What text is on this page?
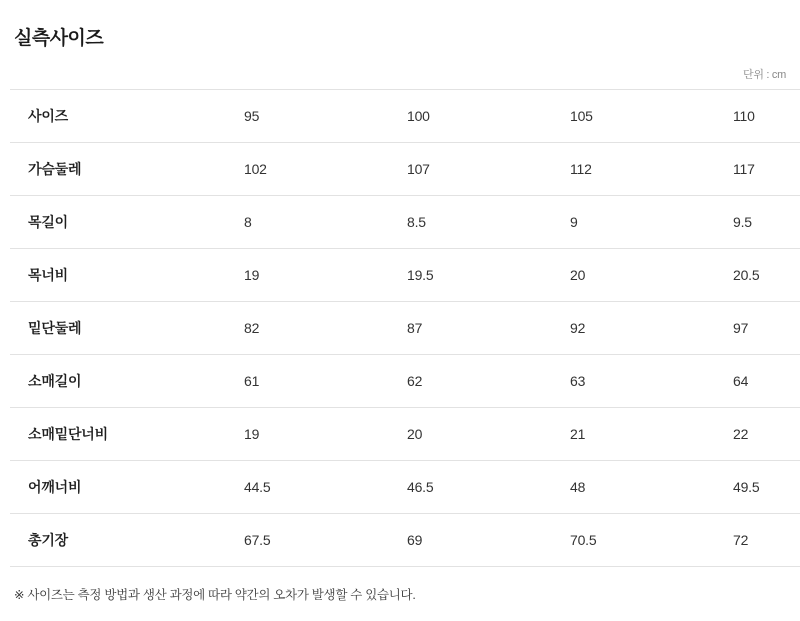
실측사이즈
단위 : cm
사이즈	95	100	105	110
가슴둘레	102	107	112	117
목길이	8	8.5	9	9.5
목너비	19	19.5	20	20.5
밑단둘레	82	87	92	97
소매길이	61	62	63	64
소매밑단너비	19	20	21	22
어깨너비	44.5	46.5	48	49.5
총기장	67.5	69	70.5	72
※ 사이즈는 측정 방법과 생산 과정에 따라 약간의 오차가 발생할 수 있습니다.
